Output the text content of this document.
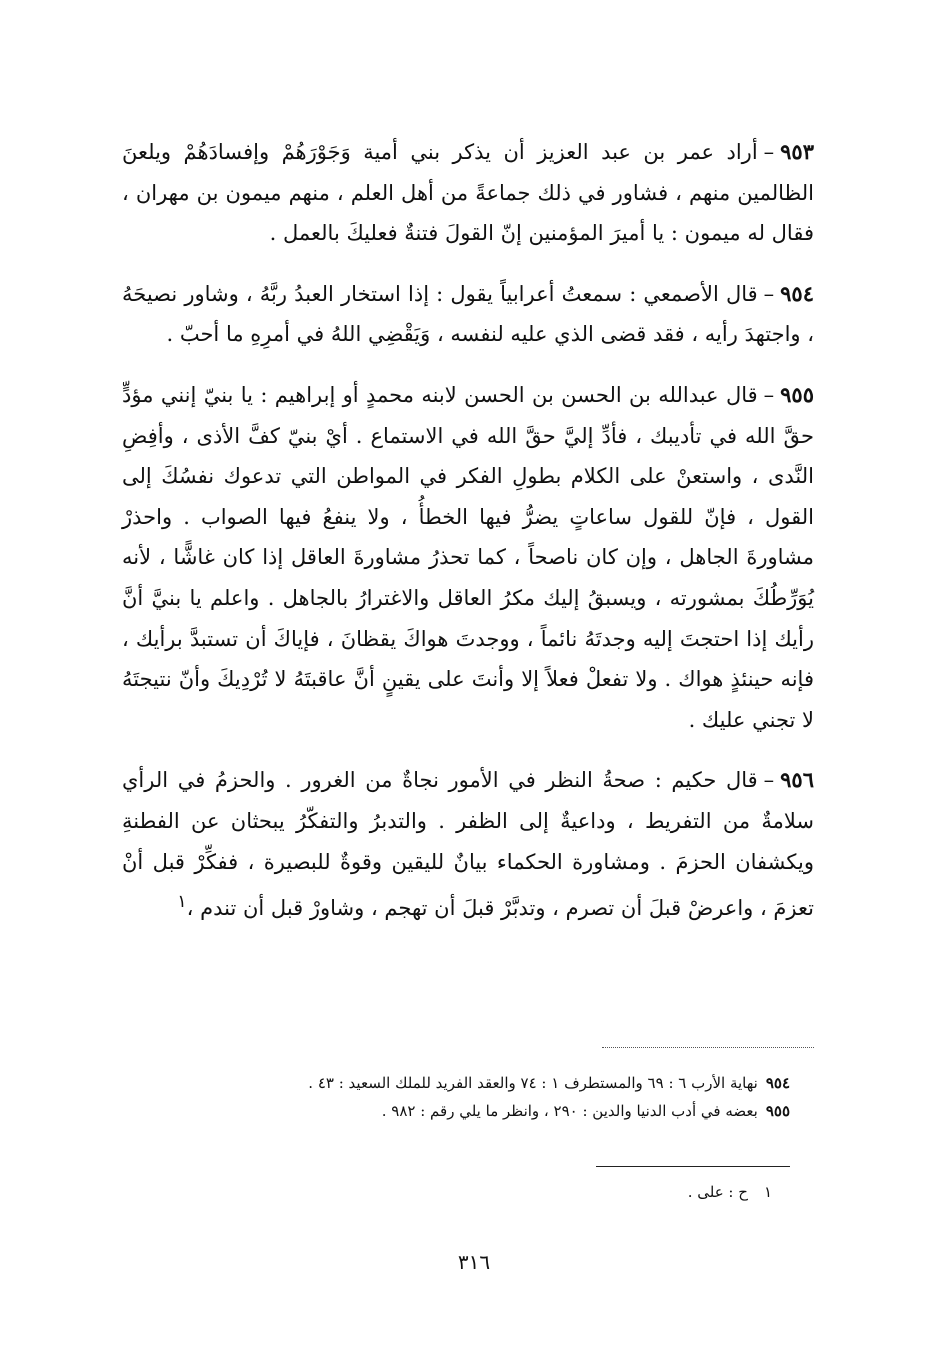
٩٥٣–أراد عمر بن عبد العزيز أن يذكر بني أمية وَجَوْرَهُمْ وإفسادَهُمْ ويلعنَ الظالمين منهم ، فشاور في ذلك جماعةً من أهل العلم ، منهم ميمون بن مهران ، فقال له ميمون : يا أميرَ المؤمنين إنّ القولَ فتنةٌ فعليكَ بالعمل .

٩٥٤–قال الأصمعي : سمعتُ أعرابياً يقول : إذا استخار العبدُ ربَّهُ ، وشاور نصيحَهُ ، واجتهدَ رأيه ، فقد قضى الذي عليه لنفسه ، وَيَقْضِي اللهُ في أمرِهِ ما أحبّ .

٩٥٥–قال عبدالله بن الحسن بن الحسن لابنه محمدٍ أو إبراهيم : يا بنيّ إنني مؤدٍّ حقَّ الله في تأديبك ، فأدِّ إليَّ حقَّ الله في الاستماع . أيْ بنيّ كفَّ الأذى ، وأفِضِ النَّدى ، واستعنْ على الكلام بطولِ الفكر في المواطن التي تدعوك نفسُكَ إلى القول ، فإنّ للقول ساعاتٍ يضرُّ فيها الخطأُ ، ولا ينفعُ فيها الصواب . واحذرْ مشاورةَ الجاهل ، وإن كان ناصحاً ، كما تحذرُ مشاورةَ العاقل إذا كان غاشًّا ، لأنه يُوَرِّطُكَ بمشورته ، ويسبقُ إليك مكرُ العاقل والاغترارُ بالجاهل . واعلم يا بنيَّ أنَّ رأيك إذا احتجتَ إليه وجدتَهُ نائماً ، ووجدتَ هواكَ يقظانَ ، فإياكَ أن تستبدَّ برأيك ، فإنه حينئذٍ هواك . ولا تفعلْ فعلاً إلا وأنتَ على يقينٍ أنَّ عاقبتَهُ لا تُرْدِيكَ وأنّ نتيجتَهُ لا تجني عليك .

٩٥٦–قال حكيم : صحةُ النظر في الأمور نجاةٌ من الغرور . والحزمُ في الرأي سلامةٌ من التفريط ، وداعيةٌ إلى الظفر . والتدبرُ والتفكّرُ يبحثان عن الفطنةِ ويكشفان الحزمَ . ومشاورة الحكماء بيانٌ لليقين وقوةٌ للبصيرة ، ففكِّرْ قبل أنْ تعزمَ ، واعرضْ قبلَ أن تصرم ، وتدبَّرْ قبلَ أن تهجم ، وشاورْ قبل أن تندم ،$^١$

٩٥٤نهاية الأرب ٦ : ٦٩ والمستطرف ١ : ٧٤ والعقد الفريد للملك السعيد : ٤٣ .

٩٥٥بعضه في أدب الدنيا والدين : ٢٩٠ ، وانظر ما يلي رقم : ٩٨٢ .

١ح : على .
٣١٦
